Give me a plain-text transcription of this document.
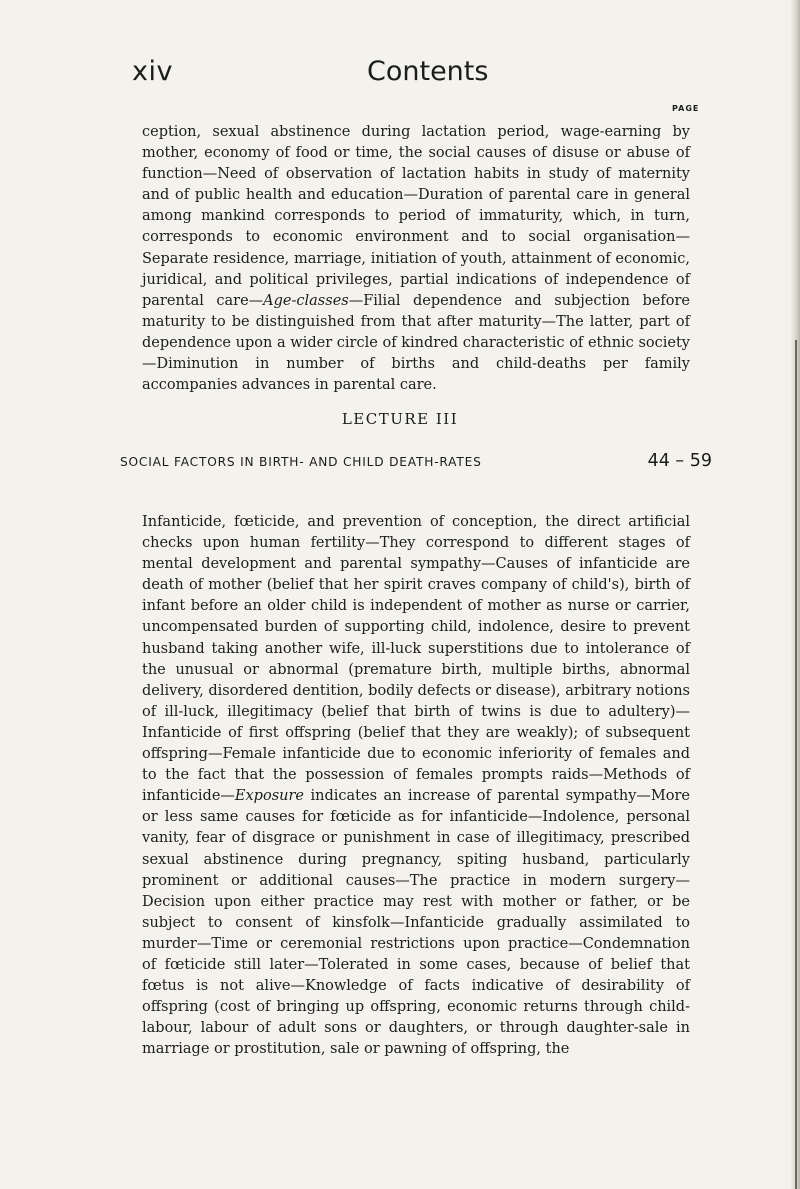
xiv	Contents
PAGE

ception, sexual abstinence during lactation period, wage-earning by mother, economy of food or time, the social causes of disuse or abuse of function—Need of observation of lactation habits in study of maternity and of public health and education—Duration of parental care in general among mankind corresponds to period of immaturity, which, in turn, corresponds to economic environment and to social organisation—Separate residence, marriage, initiation of youth, attainment of economic, juridical, and political privileges, partial indications of independence of parental care—Age-classes—Filial dependence and subjection before maturity to be distinguished from that after maturity—The latter, part of dependence upon a wider circle of kindred characteristic of ethnic society—Diminution in number of births and child-deaths per family accompanies advances in parental care.

LECTURE III
SOCIAL FACTORS IN BIRTH- AND CHILD DEATH-RATES	44 – 59

Infanticide, fœticide, and prevention of conception, the direct artificial checks upon human fertility—They correspond to different stages of mental development and parental sympathy—Causes of infanticide are death of mother (belief that her spirit craves company of child's), birth of infant before an older child is independent of mother as nurse or carrier, uncompensated burden of supporting child, indolence, desire to prevent husband taking another wife, ill-luck superstitions due to intolerance of the unusual or abnormal (premature birth, multiple births, abnormal delivery, disordered dentition, bodily defects or disease), arbitrary notions of ill-luck, illegitimacy (belief that birth of twins is due to adultery)—Infanticide of first offspring (belief that they are weakly); of subsequent offspring—Female infanticide due to economic inferiority of females and to the fact that the possession of females prompts raids—Methods of infanticide—Exposure indicates an increase of parental sympathy—More or less same causes for fœticide as for infanticide—Indolence, personal vanity, fear of disgrace or punishment in case of illegitimacy, prescribed sexual abstinence during pregnancy, spiting husband, particularly prominent or additional causes—The practice in modern surgery—Decision upon either practice may rest with mother or father, or be subject to consent of kinsfolk—Infanticide gradually assimilated to murder—Time or ceremonial restrictions upon practice—Condemnation of fœticide still later—Tolerated in some cases, because of belief that fœtus is not alive—Knowledge of facts indicative of desirability of offspring (cost of bringing up offspring, economic returns through child-labour, labour of adult sons or daughters, or through daughter-sale in marriage or prostitution, sale or pawning of offspring, the
